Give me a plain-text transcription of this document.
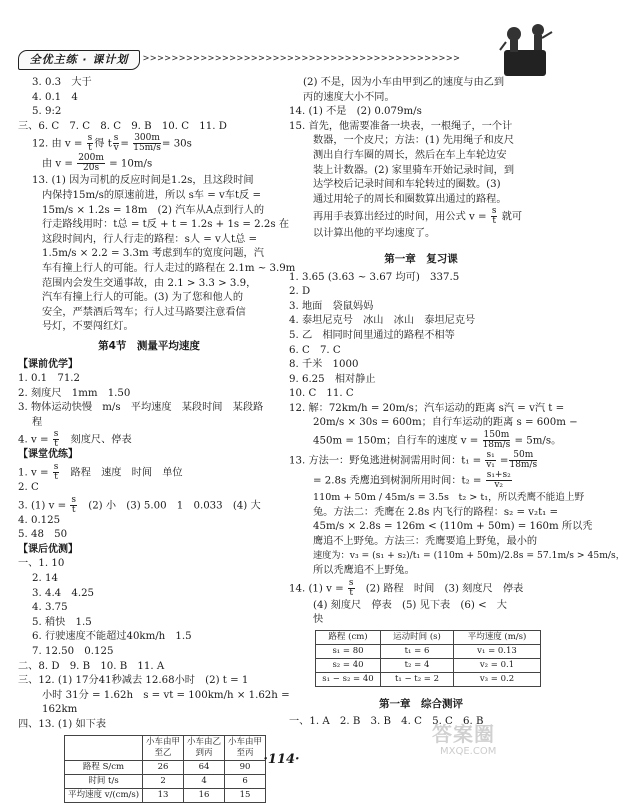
全优主练 · 课计划	>>>>>>>>>>>>>>>>>>>>>>>>>>>>>>>>>>>>>>>>>>>>
3. 0.3　大于
4. 0.1　4
5. 9:2
三、6. C　7. C　8. C　9. B　10. C　11. D
12. 由 $v = \frac{s}{t}$ 得 t $\frac{s}{v} = \frac{300m}{15m/s} = 30s$
由 $v = \frac{200m}{20s} = 10m/s$
13. (1) 因为司机的反应时间是1.2s，且这段时间
内保持15m/s的原速前进，所以 s车 = v车t反 =
15m/s × 1.2s = 18m　(2) 汽车从A点到行人的
行走路线用时：t总 = t反 + t = 1.2s + 1s = 2.2s 在
这段时间内，行人行走的路程：s人 = v人t总 =
1.5m/s × 2.2 = 3.3m 考虑到车的宽度问题，汽
车有撞上行人的可能。行人走过的路程在 2.1m ~ 3.9m
范围内会发生交通事故，由 2.1 > 3.3 > 3.9，
汽车有撞上行人的可能。(3) 为了您和他人的
安全，严禁酒后驾车；行人过马路要注意看信
号灯，不要闯红灯。
第4节　测量平均速度
【课前优学】
1. 0.1　71.2
2. 刻度尺　1mm　1.50
3. 物体运动快慢　m/s　平均速度　某段时间　某段路
程
4. $v = \frac{s}{t}$ 　刻度尺、停表
【课堂优练】
1. $v = \frac{s}{t}$ 　路程　速度　时间　单位
2. C
3. (1) $v = \frac{s}{t}$ 　(2) 小　(3) 5.00　1　0.033　(4) 大
4. 0.125
5. 48　50
【课后优测】
一、1. 10
2. 14
3. 4.4　4.25
4. 3.75
5. 稍快　1.5
6. 行驶速度不能超过40km/h　1.5
7. 12.50　0.125
二、8. D　9. B　10. B　11. A
三、12. (1) 17分41秒减去 12.68小时　(2) t = 1
小时 31分 = 1.62h　s = vt = 100km/h × 1.62h =
162km
四、13. (1) 如下表
	小车由甲至乙	小车由乙到丙	小车由甲至丙
路程 S/cm	26	64	90
时间 t/s	2	4	6
平均速度 v/(cm/s)	13	16	15
(2) 不是，因为小车由甲到乙的速度与由乙到
丙的速度大小不同。
14. (1) 不是　(2) 0.079m/s
15. 首先，他需要准备一块表，一根绳子，一个计
数器，一个皮尺；方法：(1) 先用绳子和皮尺
测出自行车圈的周长，然后在车上车轮边安
装上计数器。(2) 家里骑车开始记录时间，到
达学校后记录时间和车轮转过的圈数。(3)
通过用轮子的周长和圈数算出通过的路程。
再用手表算出经过的时间，用公式 $v = \frac{s}{t}$ 就可
以计算出他的平均速度了。
第一章　复习课
1. 3.65 (3.63 ~ 3.67 均可)　337.5
2. D
3. 地面　袋鼠妈妈
4. 泰坦尼克号　冰山　冰山　泰坦尼克号
5. 乙　相同时间里通过的路程不相等
6. C　7. C
8. 千米　1000
9. 6.25　相对静止
10. C　11. C
12. 解：72km/h = 20m/s；汽车运动的距离 s汽 = v汽 t =
20m/s × 30s = 600m；自行车运动的距离 s = 600m −
450m = 150m；自行车的速度 $v = \frac{150m}{18m/s} = 5m/s$。
13. 方法一：野兔逃进树洞需用时间：$t_1 = \frac{\text{s₁}}{\text{v₁}} = \frac{50m}{18m/s}$
= 2.8s 秃鹰追到树洞所用时间：$t_2 = \frac{\text{s₁+s₂}}{\text{v₂}}$
110m + 50m / 45m/s = 3.5s　t₂ > t₁，所以秃鹰不能追上野
兔。方法二：秃鹰在 2.8s 内飞行的路程：s₂ = v₂t₁ =
45m/s × 2.8s = 126m < (110m + 50m) = 160m 所以秃
鹰追不上野兔。方法三：秃鹰要追上野兔，最小的
速度为：v₃ = (s₁ + s₂)/t₁ = (110m + 50m)/2.8s = 57.1m/s > 45m/s，
所以秃鹰追不上野兔。
14. (1) $v = \frac{s}{t}$ 　(2) 路程　时间　(3) 刻度尺　停表
(4) 刻度尺　停表　(5) 见下表　(6) <　大
快
路程 (cm)	运动时间 (s)	平均速度 (m/s)
s₁ = 80	t₁ = 6	v₁ = 0.13
s₂ = 40	t₂ = 4	v₂ = 0.1
s₁ − s₂ = 40	t₁ − t₂ = 2	v₃ = 0.2
第一章　综合测评
一、1. A　2. B　3. B　4. C　5. C　6. B
答案圈
MXQE.COM
·114·
